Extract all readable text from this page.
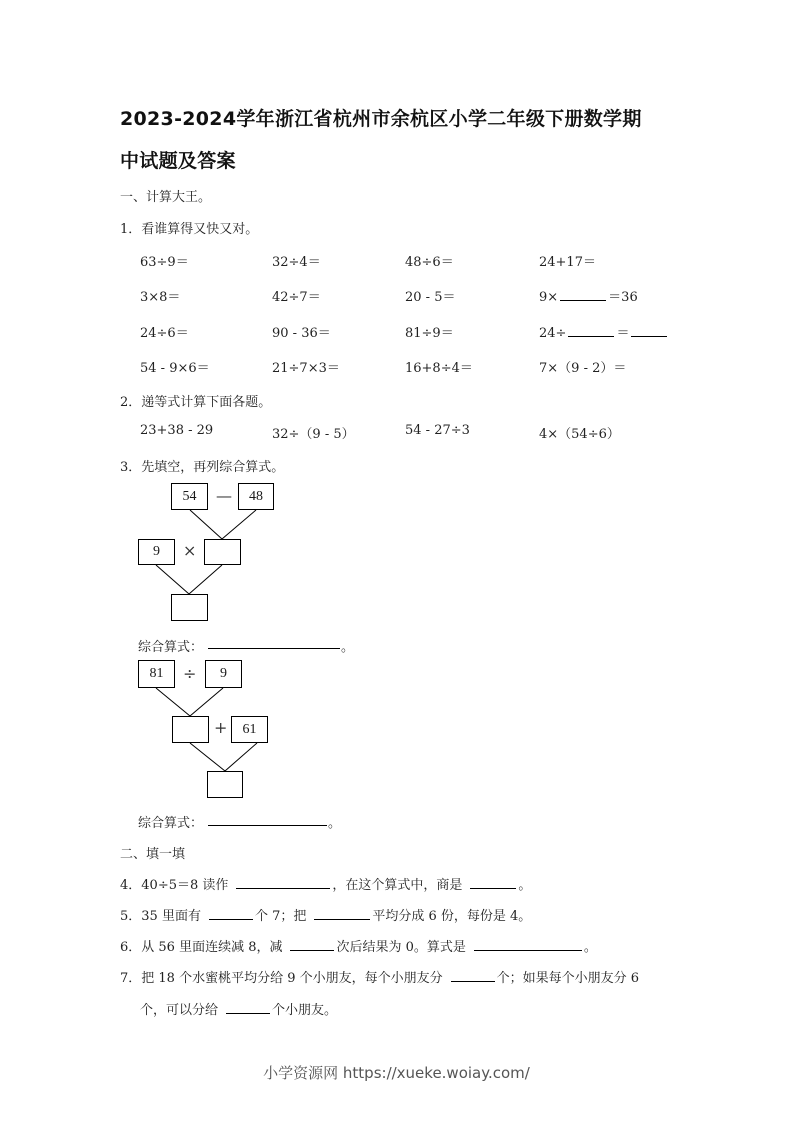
2023-2024学年浙江省杭州市余杭区小学二年级下册数学期
中试题及答案
一、计算大王。
1．看谁算得又快又对。
63÷9＝	32÷4＝	48÷6＝	24+17＝
3×8＝	42÷7＝	20 - 5＝	9×	＝36
24÷6＝	90 - 36＝	81÷9＝	24÷	＝
54 - 9×6＝	21÷7×3＝	16+8÷4＝	7×（9 - 2）＝
2．递等式计算下面各题。
23+38 - 29	32÷（9 - 5）	54 - 27÷3	4×（54÷6）
3．先填空，再列综合算式。
54	—	48
9	×
综合算式：	。
81	÷	9
+	61
综合算式：	。
二、填一填
4．40÷5＝8 读作	，在这个算式中，商是	。
5．35 里面有	个 7；把	平均分成 6 份，每份是 4。
6．从 56 里面连续减 8，减	次后结果为 0。算式是	。
7．把 18 个水蜜桃平均分给 9 个小朋友，每个小朋友分	个；如果每个小朋友分 6
个，可以分给	个小朋友。
小学资源网 https://xueke.woiay.com/
